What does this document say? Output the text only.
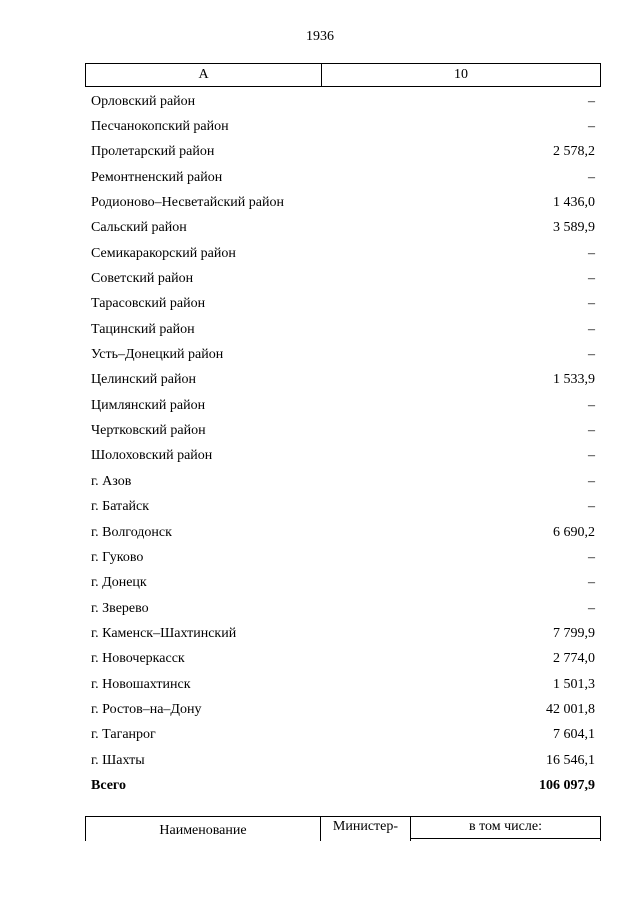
1936
А	10
Орловский район	–
Песчанокопский район	–
Пролетарский район	2 578,2
Ремонтненский район	–
Родионово–Несветайский район	1 436,0
Сальский район	3 589,9
Семикаракорский район	–
Советский район	–
Тарасовский район	–
Тацинский район	–
Усть–Донецкий район	–
Целинский район	1 533,9
Цимлянский район	–
Чертковский район	–
Шолоховский район	–
г. Азов	–
г. Батайск	–
г. Волгодонск	6 690,2
г. Гуково	–
г. Донецк	–
г. Зверево	–
г. Каменск–Шахтинский	7 799,9
г. Новочеркасск	2 774,0
г. Новошахтинск	1 501,3
г. Ростов–на–Дону	42 001,8
г. Таганрог	7 604,1
г. Шахты	16 546,1
Всего	106 097,9
Наименование	Министер-	в том числе:
